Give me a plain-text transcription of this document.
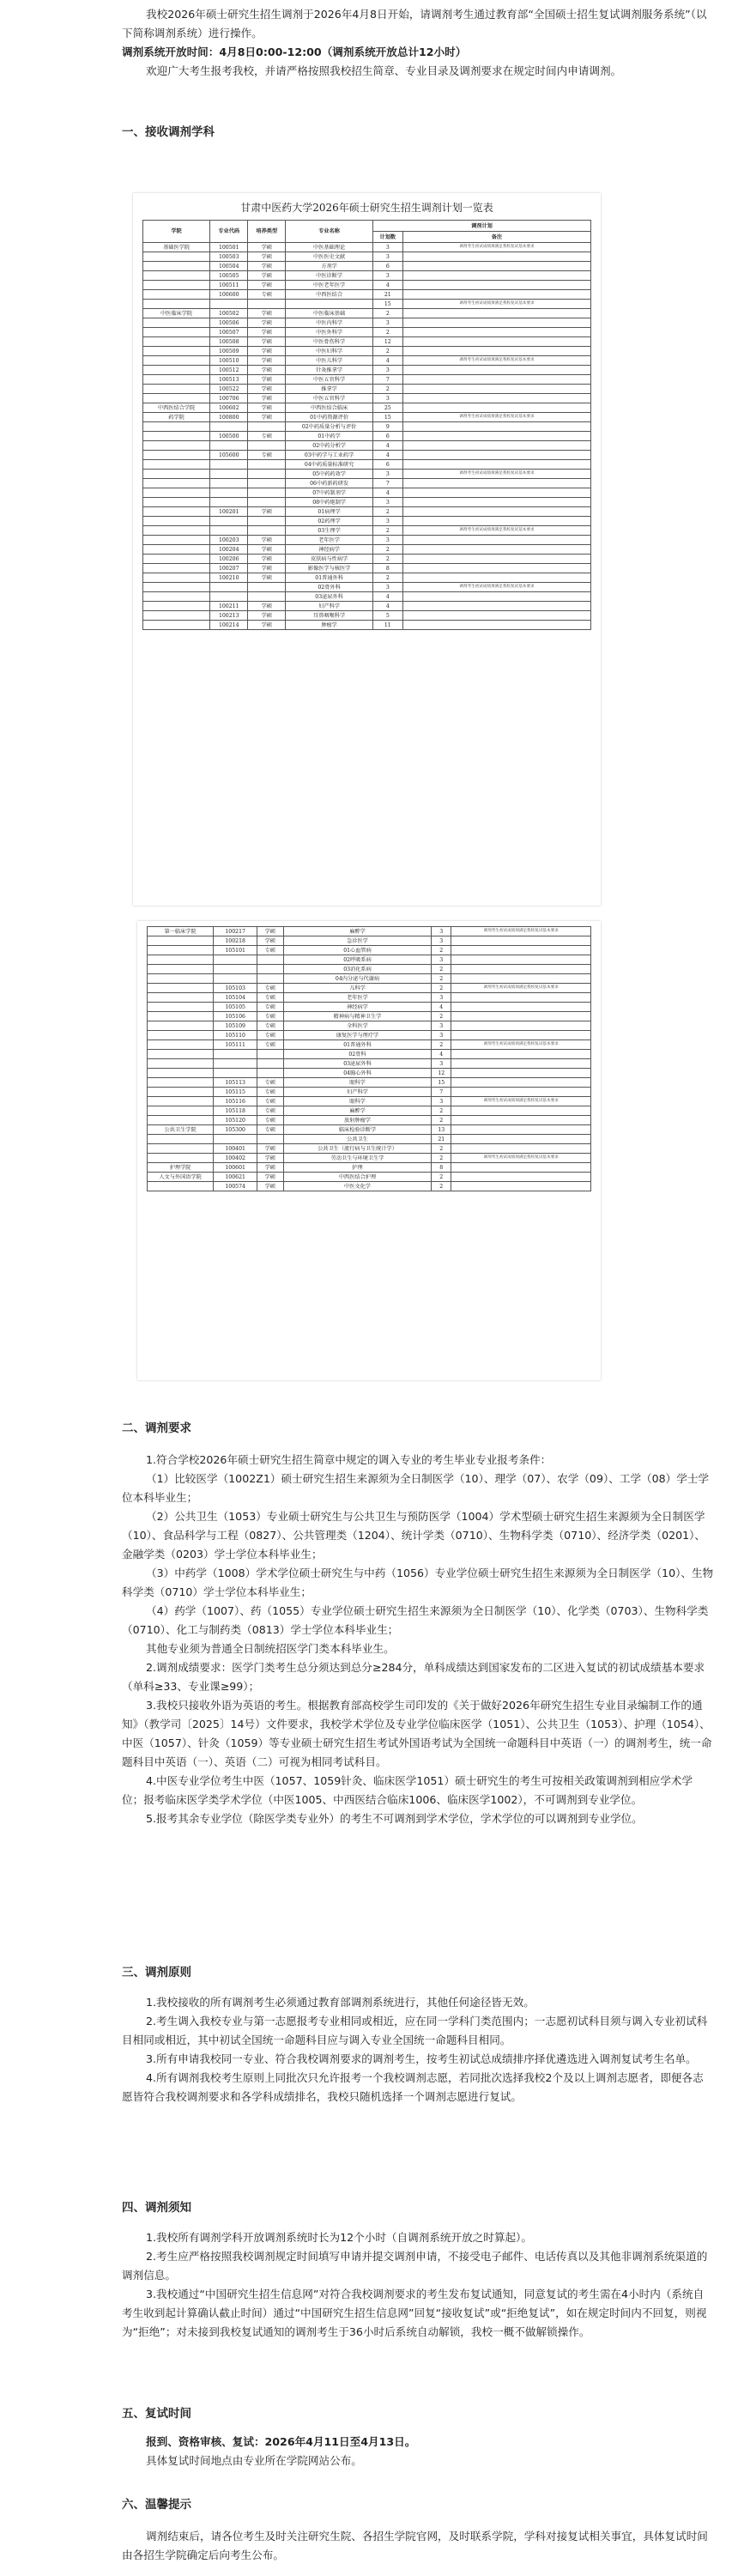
我校2026年硕士研究生招生调剂于2026年4月8日开始，请调剂考生通过教育部“全国硕士招生复试调剂服务系统”（以下简称调剂系统）进行操作。

调剂系统开放时间：4月8日0:00-12:00（调剂系统开放总计12小时）

欢迎广大考生报考我校，并请严格按照我校招生简章、专业目录及调剂要求在规定时间内申请调剂。

一、接收调剂学科
甘肃中医药大学2026年硕士研究生招生调剂计划一览表
学院	专业代码	培养类型	专业名称	调剂计划	
				计划数	备注
基础医学院	100501	学硕	中医基础理论	3	调剂考生初试成绩须满足我校复试基本要求
	100503	学硕	中医医史文献	3	
	100504	学硕	方剂学	6	
	100505	学硕	中医诊断学	3	
	100511	学硕	中医老年医学	4	
	100600	专硕	中西医结合	21	
				15	调剂考生初试成绩须满足我校复试基本要求
中医临床学院	100502	学硕	中医临床基础	2	
	100506	学硕	中医内科学	3	
	100507	学硕	中医外科学	2	
	100508	学硕	中医骨伤科学	12	
	100509	学硕	中医妇科学	2	
	100510	学硕	中医儿科学	4	调剂考生初试成绩须满足我校复试基本要求
	100512	学硕	针灸推拿学	3	
	100513	学硕	中医五官科学	7	
	100522	学硕	推拿学	2	
	100706	学硕	中医五官科学	3	
中西医结合学院	100602	学硕	中西医结合临床	25	
药学院	100800	学硕	01中药资源评价	15	调剂考生初试成绩须满足我校复试基本要求
			02中药质量分析与评价	9	
	100500	专硕	01中药学	6	
			02中药分析学	4	
	105600	专硕	03中药学与工业药学	4	
			04中药质量标准研究	6	
			05中药药效学	3	调剂考生初试成绩须满足我校复试基本要求
			06中药新药研发	7	
			07中药制剂学	4	
			08中药炮制学	3	
	100201	学硕	01病理学	2	
			02药理学	3	
			03生理学	2	调剂考生初试成绩须满足我校复试基本要求
	100203	学硕	老年医学	3	
	100204	学硕	神经病学	2	
	100206	学硕	皮肤病与性病学	2	
	100207	学硕	影像医学与核医学	8	
	100210	学硕	01普通外科	2	
			02骨外科	3	调剂考生初试成绩须满足我校复试基本要求
			03泌尿外科	4	
	100211	学硕	妇产科学	4	
	100213	学硕	耳鼻咽喉科学	5	
	100214	学硕	肿瘤学	11	
第一临床学院	100217	学硕	麻醉学	3	调剂考生初试成绩须满足我校复试基本要求
	100218	学硕	急诊医学	3	
	105101	专硕	01心血管病	2	
			02呼吸系病	3	
			03消化系病	2	
			04内分泌与代谢病	2	
	105103	专硕	儿科学	2	调剂考生初试成绩须满足我校复试基本要求
	105104	专硕	老年医学	3	
	105105	专硕	神经病学	4	
	105106	专硕	精神病与精神卫生学	2	
	105109	专硕	全科医学	3	
	105110	专硕	康复医学与理疗学	3	
	105111	专硕	01普通外科	2	调剂考生初试成绩须满足我校复试基本要求
			02骨科	4	
			03泌尿外科	3	
			04胸心外科	12	
	105113	专硕	眼科学	15	
	105115	专硕	妇产科学	7	
	105116	专硕	眼科学	3	调剂考生初试成绩须满足我校复试基本要求
	105118	专硕	麻醉学	2	
	105120	专硕	放射肿瘤学	2	
公共卫生学院	105300	专硕	临床检验诊断学	13	
			公共卫生	21	
	100401	学硕	公共卫生（流行病与卫生统计学）	2	
	100402	学硕	劳动卫生与环境卫生学	2	调剂考生初试成绩须满足我校复试基本要求
护理学院	100601	学硕	护理	8	
人文与外国语学院	100621	学硕	中西医结合护理	2	
	100574	学硕	中医文化学	2	
二、调剂要求

1.符合学校2026年硕士研究生招生简章中规定的调入专业的考生毕业专业报考条件：

（1）比较医学（1002Z1）硕士研究生招生来源须为全日制医学（10）、理学（07）、农学（09）、工学（08）学士学位本科毕业生；

（2）公共卫生（1053）专业硕士研究生与公共卫生与预防医学（1004）学术型硕士研究生招生来源须为全日制医学（10）、食品科学与工程（0827）、公共管理类（1204）、统计学类（0710）、生物科学类（0710）、经济学类（0201）、金融学类（0203）学士学位本科毕业生；

（3）中药学（1008）学术学位硕士研究生与中药（1056）专业学位硕士研究生招生来源须为全日制医学（10）、生物科学类（0710）学士学位本科毕业生；

（4）药学（1007）、药（1055）专业学位硕士研究生招生来源须为全日制医学（10）、化学类（0703）、生物科学类（0710）、化工与制药类（0813）学士学位本科毕业生；

其他专业须为普通全日制统招医学门类本科毕业生。

2.调剂成绩要求：医学门类考生总分须达到总分≥284分，单科成绩达到国家发布的二区进入复试的初试成绩基本要求（单科≥33、专业课≥99）；

3.我校只接收外语为英语的考生。根据教育部高校学生司印发的《关于做好2026年研究生招生专业目录编制工作的通知》（教学司〔2025〕14号）文件要求，我校学术学位及专业学位临床医学（1051）、公共卫生（1053）、护理（1054）、中医（1057）、针灸（1059）等专业硕士研究生招生考试外国语考试为全国统一命题科目中英语（一）的调剂考生，统一命题科目中英语（一）、英语（二）可视为相同考试科目。

4.中医专业学位考生中医（1057、1059针灸、临床医学1051）硕士研究生的考生可按相关政策调剂到相应学术学位；报考临床医学类学术学位（中医1005、中西医结合临床1006、临床医学1002），不可调剂到专业学位。

5.报考其余专业学位（除医学类专业外）的考生不可调剂到学术学位，学术学位的可以调剂到专业学位。

三、调剂原则

1.我校接收的所有调剂考生必须通过教育部调剂系统进行，其他任何途径皆无效。

2.考生调入我校专业与第一志愿报考专业相同或相近，应在同一学科门类范围内；一志愿初试科目须与调入专业初试科目相同或相近，其中初试全国统一命题科目应与调入专业全国统一命题科目相同。

3.所有申请我校同一专业、符合我校调剂要求的调剂考生，按考生初试总成绩排序择优遴选进入调剂复试考生名单。

4.所有调剂我校考生原则上同批次只允许报考一个我校调剂志愿，若同批次选择我校2个及以上调剂志愿者，即便各志愿皆符合我校调剂要求和各学科成绩排名，我校只随机选择一个调剂志愿进行复试。

四、调剂须知

1.我校所有调剂学科开放调剂系统时长为12个小时（自调剂系统开放之时算起）。

2.考生应严格按照我校调剂规定时间填写申请并提交调剂申请，不接受电子邮件、电话传真以及其他非调剂系统渠道的调剂信息。

3.我校通过“中国研究生招生信息网”对符合我校调剂要求的考生发布复试通知，同意复试的考生需在4小时内（系统自考生收到起计算确认截止时间）通过“中国研究生招生信息网”回复“接收复试”或“拒绝复试”，如在规定时间内不回复，则视为“拒绝”；对未接到我校复试通知的调剂考生于36小时后系统自动解锁，我校一概不做解锁操作。

五、复试时间

报到、资格审核、复试：2026年4月11日至4月13日。

具体复试时间地点由专业所在学院网站公布。

六、温馨提示

调剂结束后，请各位考生及时关注研究生院、各招生学院官网，及时联系学院，学科对接复试相关事宜，具体复试时间由各招生学院确定后向考生公布。
